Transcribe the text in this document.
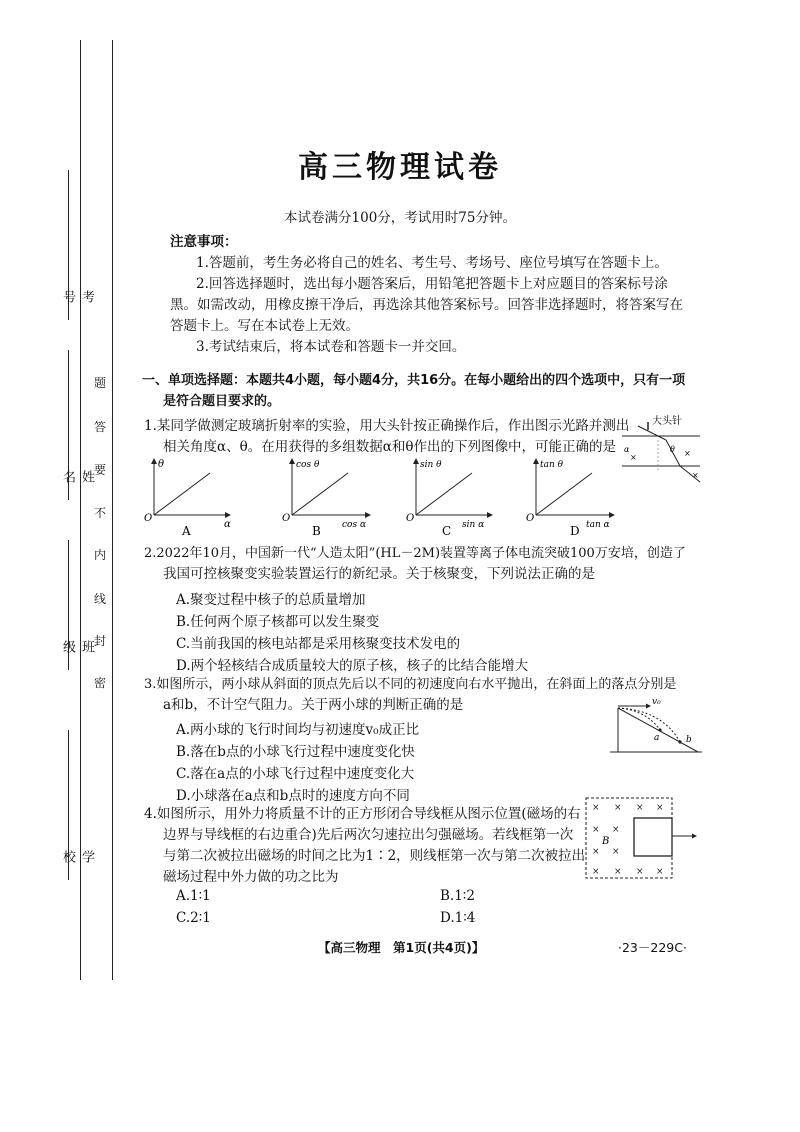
考号
姓名
班级
学校
题
答
要
不
内
线
封
密
高三物理试卷
本试卷满分100分，考试用时75分钟。
注意事项：
1.答题前，考生务必将自己的姓名、考生号、考场号、座位号填写在答题卡上。
2.回答选择题时，选出每小题答案后，用铅笔把答题卡上对应题目的答案标号涂
黑。如需改动，用橡皮擦干净后，再选涂其他答案标号。回答非选择题时，将答案写在
答题卡上。写在本试卷上无效。
3.考试结束后，将本试卷和答题卡一并交回。
一、单项选择题：本题共4小题，每小题4分，共16分。在每小题给出的四个选项中，只有一项
是符合题目要求的。
1.某同学做测定玻璃折射率的实验，用大头针按正确操作后，作出图示光路并测出
相关角度α、θ。在用获得的多组数据α和θ作出的下列图像中，可能正确的是
大头针
α	θ
×	×
×
O
θ
α
A
O
cos θ
cos α
B
O
sin θ
sin α
C
O
tan θ
tan α
D
2.2022年10月，中国新一代“人造太阳”(HL－2M)装置等离子体电流突破100万安培，创造了
我国可控核聚变实验装置运行的新纪录。关于核聚变，下列说法正确的是
A.聚变过程中核子的总质量增加
B.任何两个原子核都可以发生聚变
C.当前我国的核电站都是采用核聚变技术发电的
D.两个轻核结合成质量较大的原子核，核子的比结合能增大
3.如图所示，两小球从斜面的顶点先后以不同的初速度向右水平抛出，在斜面上的落点分别是
a和b，不计空气阻力。关于两小球的判断正确的是
A.两小球的飞行时间均与初速度v₀成正比
B.落在b点的小球飞行过程中速度变化快
C.落在a点的小球飞行过程中速度变化大
D.小球落在a点和b点时的速度方向不同
v₀
a	b
4.如图所示，用外力将质量不计的正方形闭合导线框从图示位置(磁场的右
边界与导线框的右边重合)先后两次匀速拉出匀强磁场。若线框第一次
与第二次被拉出磁场的时间之比为1∶2，则线框第一次与第二次被拉出
磁场过程中外力做的功之比为
A.1∶1	B.1∶2
C.2∶1	D.1∶4
× × × ×
× ×
× ×
× × × ×
B
【高三物理　第1页(共4页)】	·23－229C·
